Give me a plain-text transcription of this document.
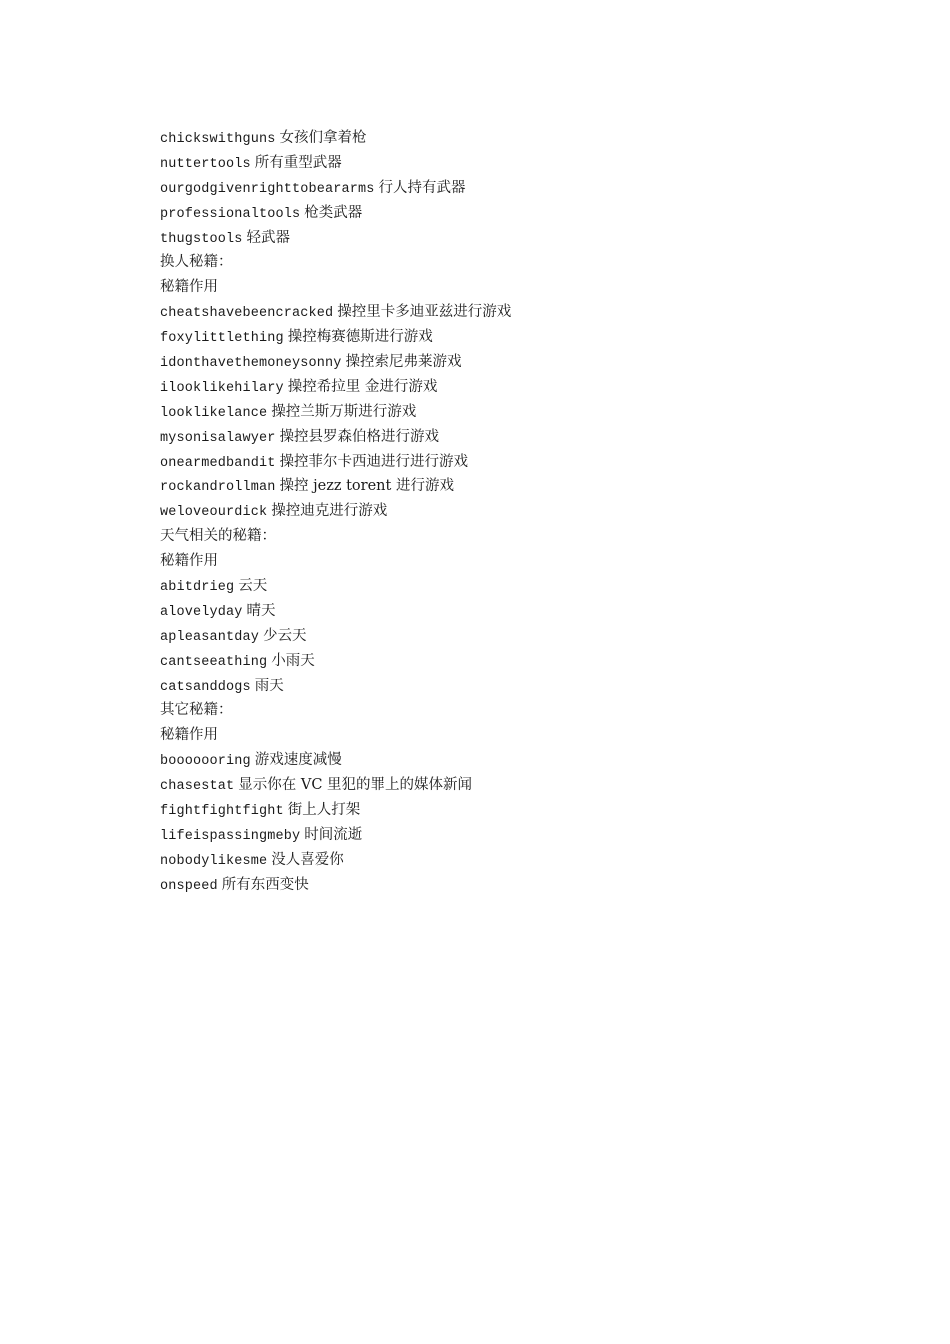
chickswithguns 女孩们拿着枪
nuttertools 所有重型武器
ourgodgivenrighttobeararms 行人持有武器
professionaltools 枪类武器
thugstools 轻武器
换人秘籍：
秘籍作用
cheatshavebeencracked 操控里卡多迪亚兹进行游戏
foxylittlething 操控梅赛德斯进行游戏
idonthavethemoneysonny 操控索尼弗莱游戏
ilooklikehilary 操控希拉里 金进行游戏
looklikelance 操控兰斯万斯进行游戏
mysonisalawyer 操控县罗森伯格进行游戏
onearmedbandit 操控菲尔卡西迪进行进行游戏
rockandrollman 操控 jezz torent 进行游戏
weloveourdick 操控迪克进行游戏
天气相关的秘籍：
秘籍作用
abitdrieg 云天
alovelyday 晴天
apleasantday 少云天
cantseeathing 小雨天
catsanddogs 雨天
其它秘籍：
秘籍作用
booooooring 游戏速度减慢
chasestat 显示你在 VC 里犯的罪上的媒体新闻
fightfightfight 街上人打架
lifeispassingmeby 时间流逝
nobodylikesme 没人喜爱你
onspeed 所有东西变快
